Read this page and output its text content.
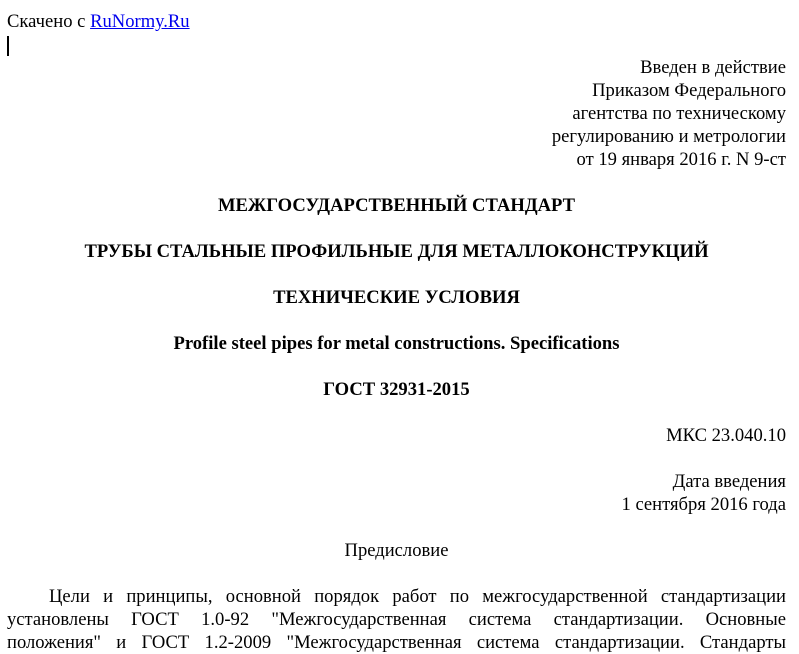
Скачено с RuNormy.Ru
Введен в действие
Приказом Федерального
агентства по техническому
регулированию и метрологии
от 19 января 2016 г. N 9-ст
МЕЖГОСУДАРСТВЕННЫЙ СТАНДАРТ
ТРУБЫ СТАЛЬНЫЕ ПРОФИЛЬНЫЕ ДЛЯ МЕТАЛЛОКОНСТРУКЦИЙ
ТЕХНИЧЕСКИЕ УСЛОВИЯ
Profile steel pipes for metal constructions. Specifications
ГОСТ 32931-2015
МКС 23.040.10
Дата введения
1 сентября 2016 года
Предисловие
Цели и принципы, основной порядок работ по межгосударственной стандартизации
установлены ГОСТ 1.0-92 "Межгосударственная система стандартизации. Основные
положения" и ГОСТ 1.2-2009 "Межгосударственная система стандартизации. Стандарты
